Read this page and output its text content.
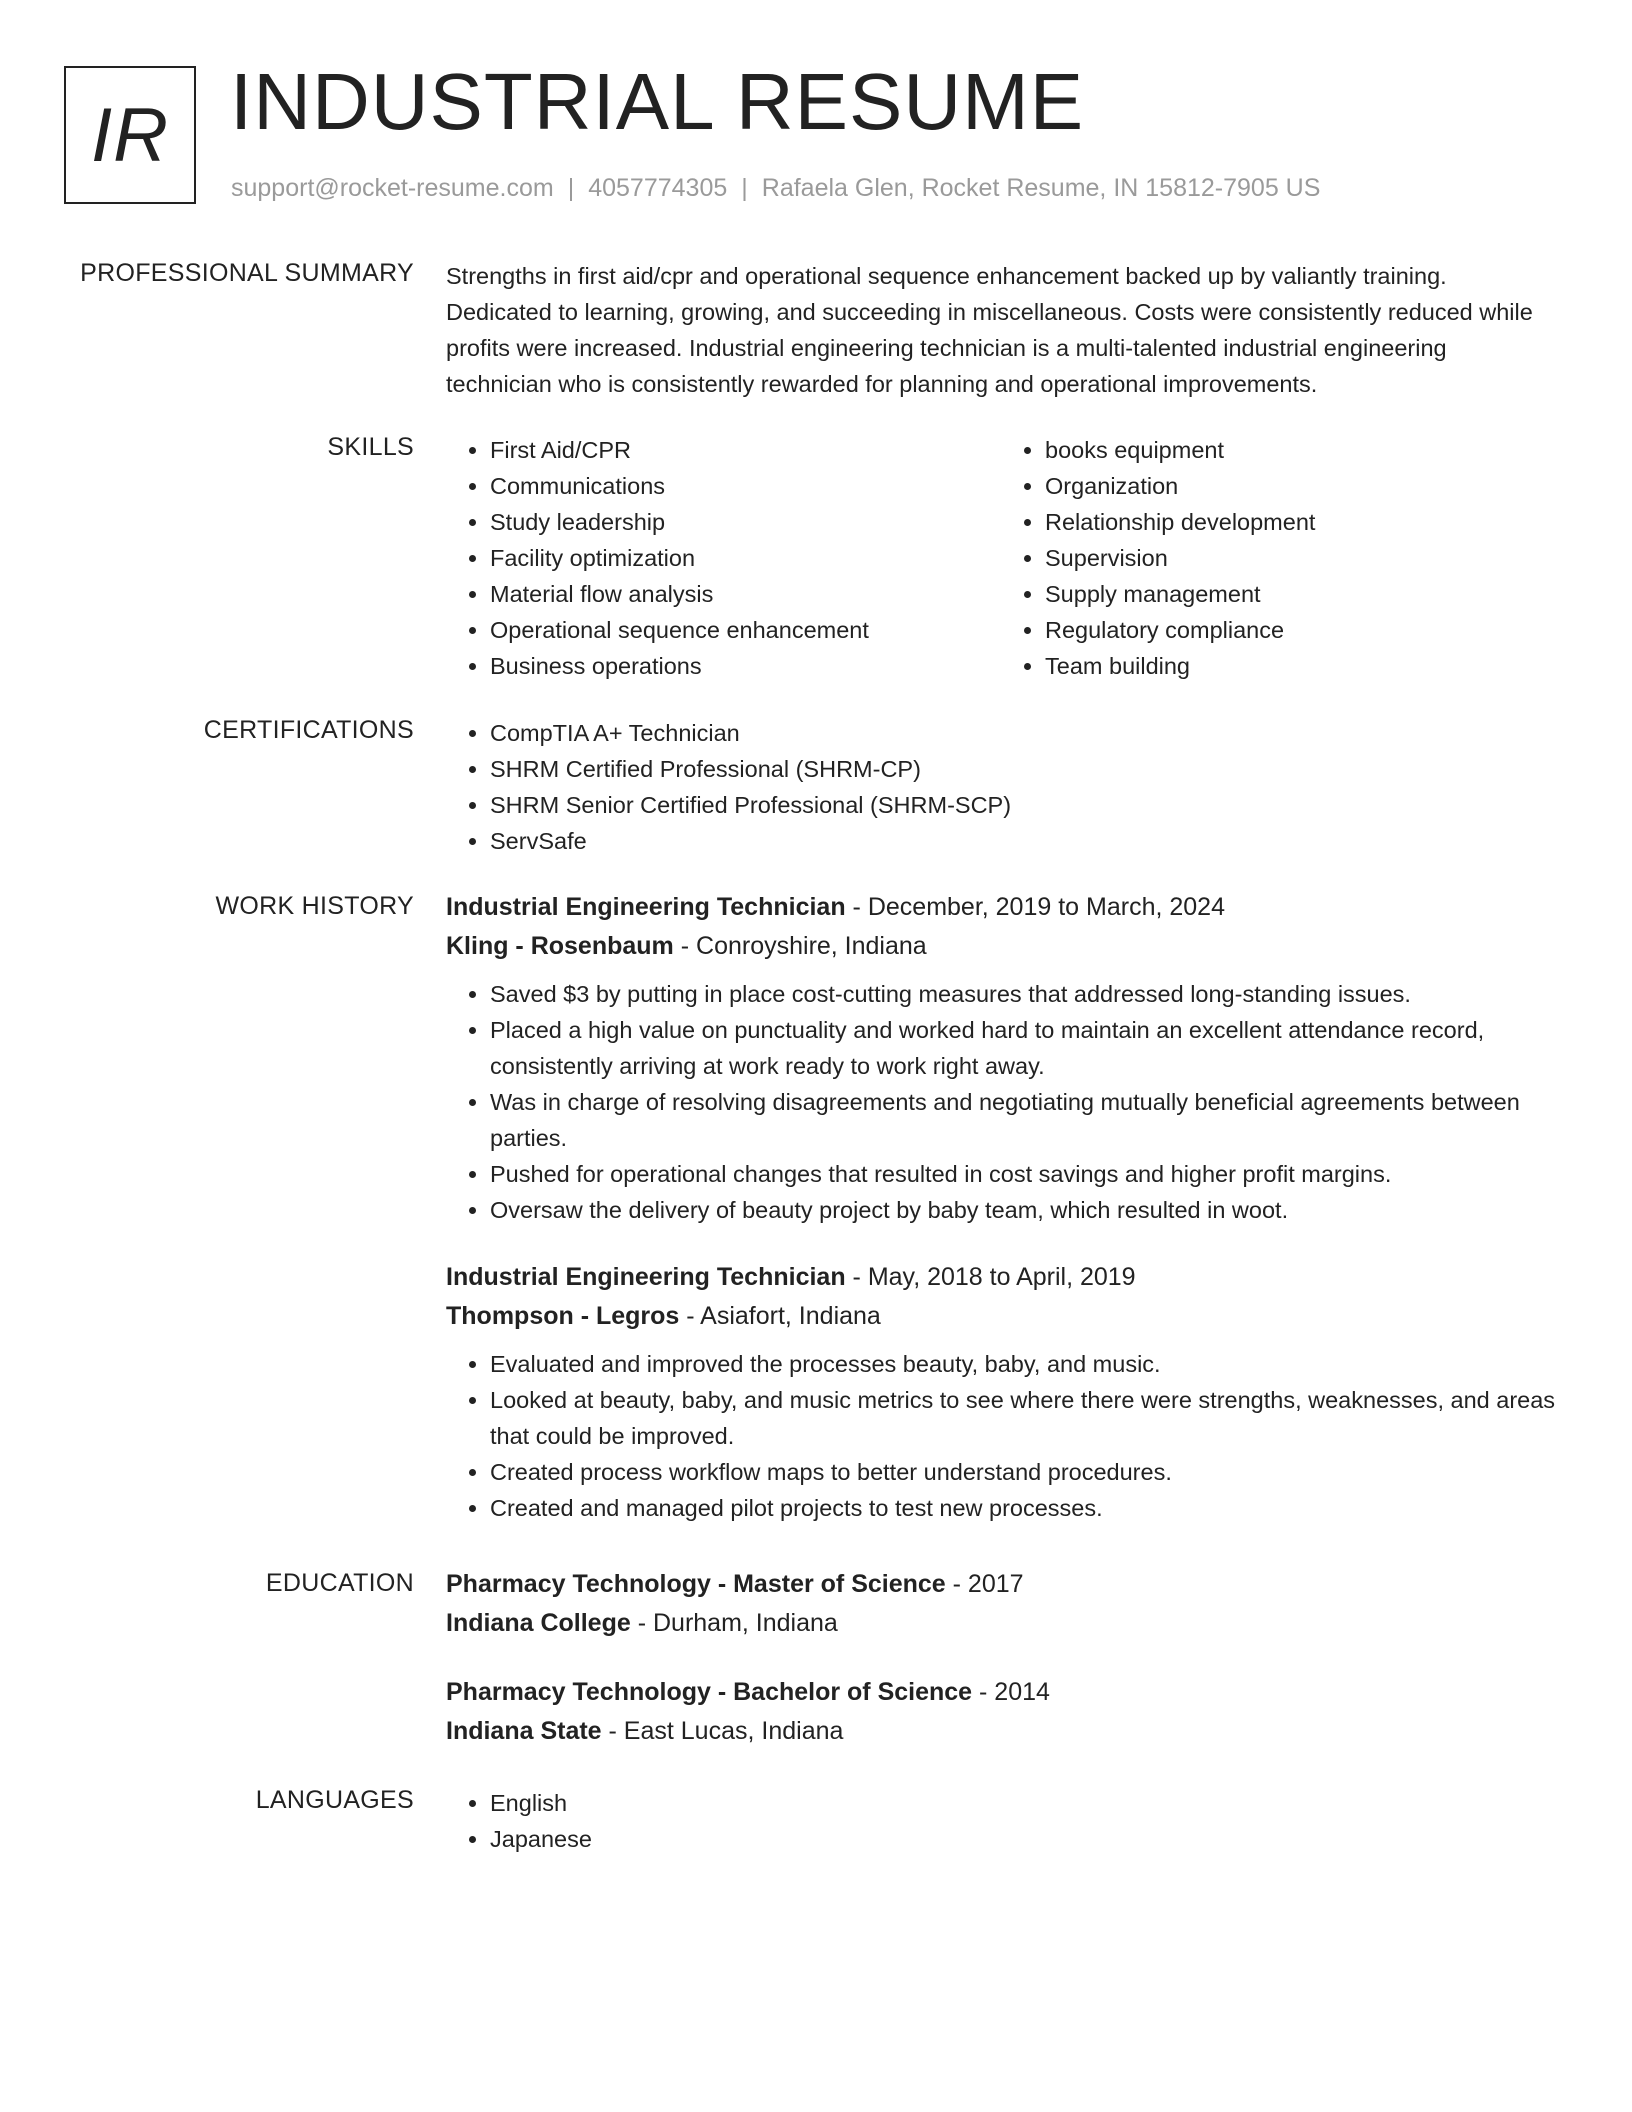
IR INDUSTRIAL RESUME
support@rocket-resume.com | 4057774305 | Rafaela Glen, Rocket Resume, IN 15812-7905 US
PROFESSIONAL SUMMARY Strengths in first aid/cpr and operational sequence enhancement backed up by valiantly training. Dedicated to learning, growing, and succeeding in miscellaneous. Costs were consistently reduced while profits were increased. Industrial engineering technician is a multi-talented industrial engineering technician who is consistently rewarded for planning and operational improvements.

SKILLS	• First Aid/CPR
• Communications
• Study leadership
• Facility optimization
• Material flow analysis
• Operational sequence enhancement
• Business operations
• books equipment
• Organization
• Relationship development
• Supervision
• Supply management
• Regulatory compliance
• Team building
CERTIFICATIONS	• CompTIA A+ Technician
• SHRM Certified Professional (SHRM-CP)
• SHRM Senior Certified Professional (SHRM-SCP)
• ServSafe
WORK HISTORY Industrial Engineering Technician - December, 2019 to March, 2024
Kling - Rosenbaum - Conroyshire, Indiana
• Saved $3 by putting in place cost-cutting measures that addressed long-standing issues.
• Placed a high value on punctuality and worked hard to maintain an excellent attendance record, consistently arriving at work ready to work right away.
• Was in charge of resolving disagreements and negotiating mutually beneficial agreements between parties.
• Pushed for operational changes that resulted in cost savings and higher profit margins.
• Oversaw the delivery of beauty project by baby team, which resulted in woot.
Industrial Engineering Technician - May, 2018 to April, 2019
Thompson - Legros - Asiafort, Indiana
• Evaluated and improved the processes beauty, baby, and music.
• Looked at beauty, baby, and music metrics to see where there were strengths, weaknesses, and areas that could be improved.
• Created process workflow maps to better understand procedures.
• Created and managed pilot projects to test new processes.
EDUCATION Pharmacy Technology - Master of Science - 2017
Indiana College - Durham, Indiana
Pharmacy Technology - Bachelor of Science - 2014
Indiana State - East Lucas, Indiana
LANGUAGES	• English
• Japanese
